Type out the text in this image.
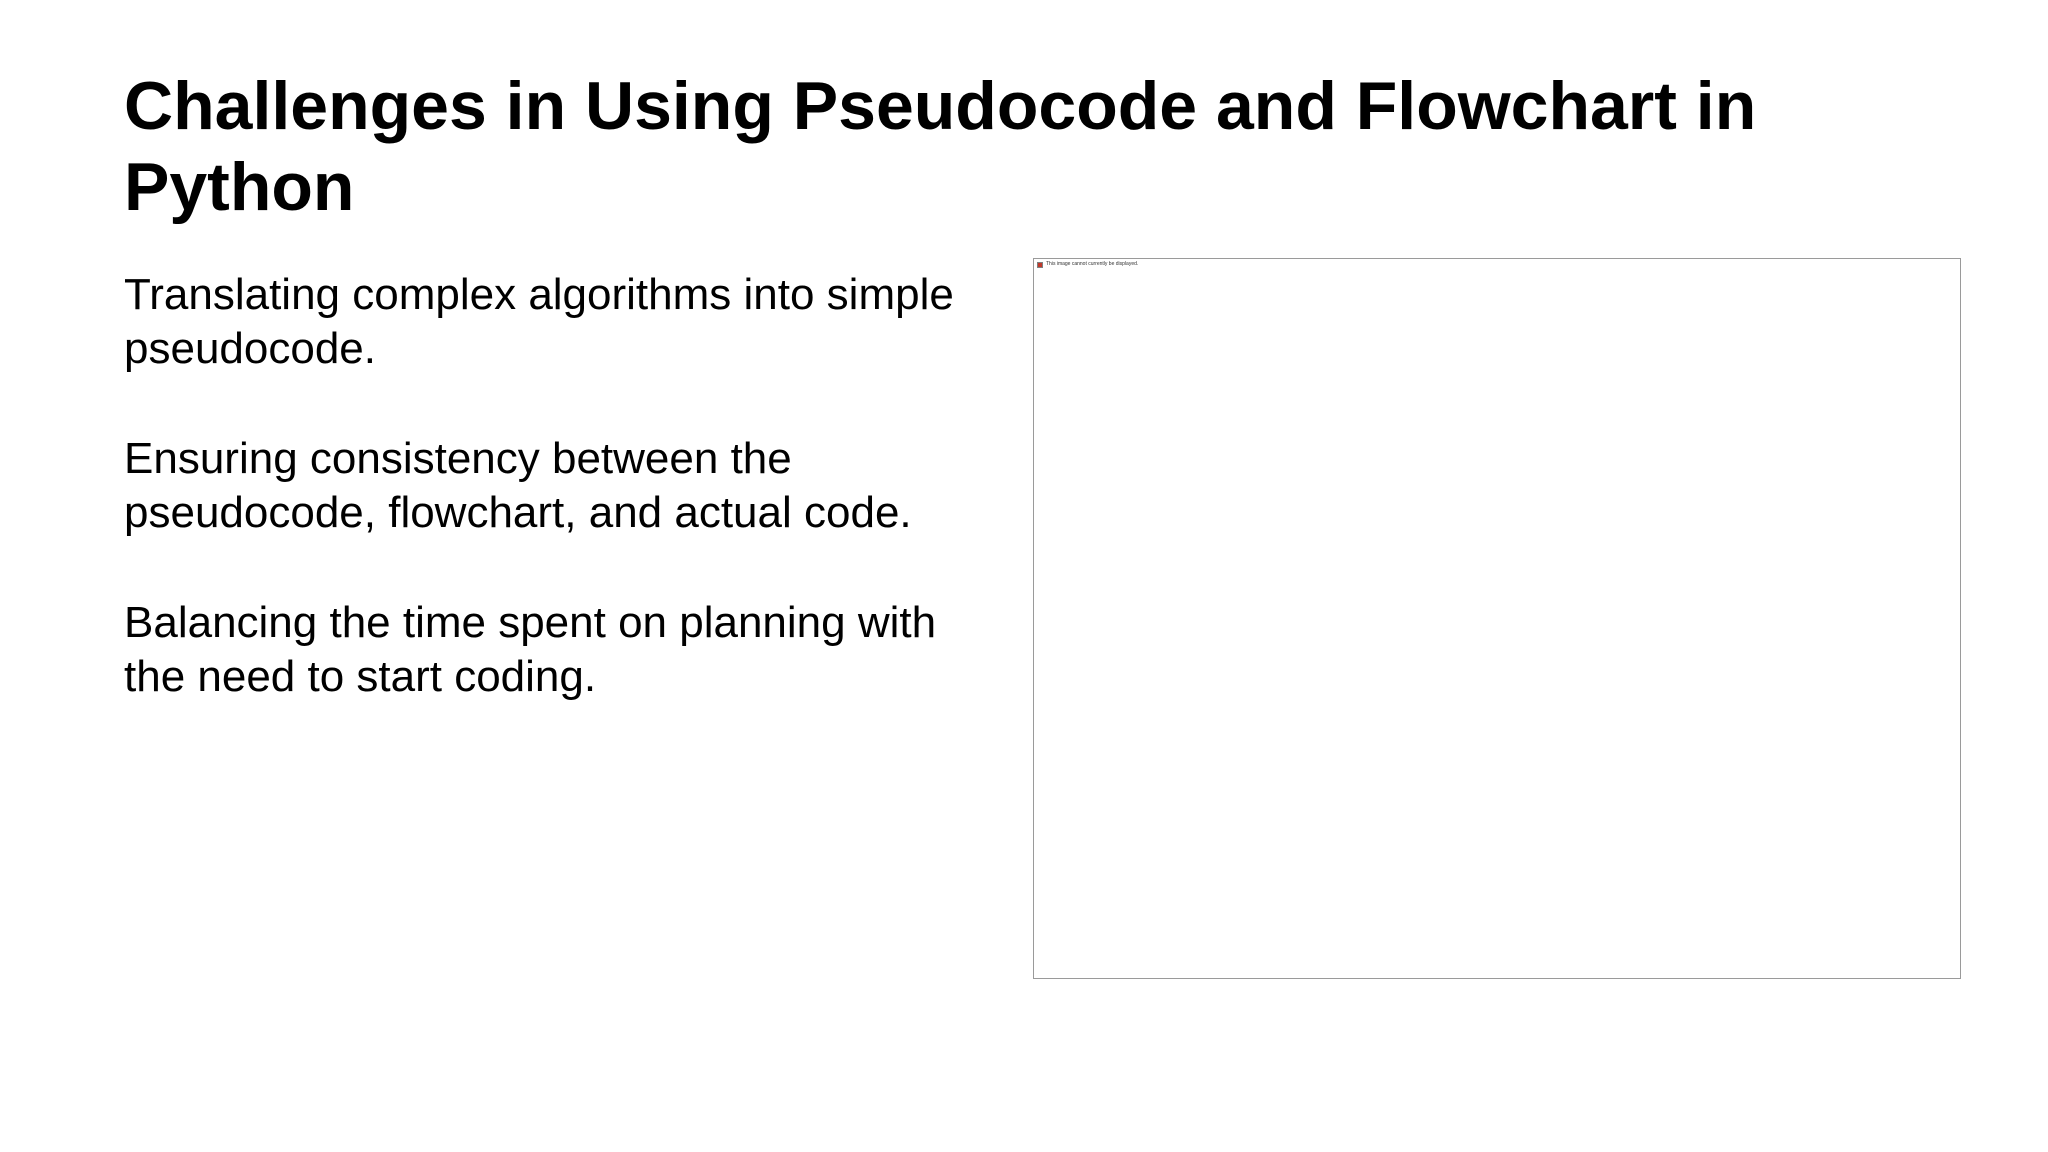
Challenges in Using Pseudocode and Flowchart in Python
Translating complex algorithms into simple pseudocode.
Ensuring consistency between the pseudocode, flowchart, and actual code.
Balancing the time spent on planning with the need to start coding.
This image cannot currently be displayed.
